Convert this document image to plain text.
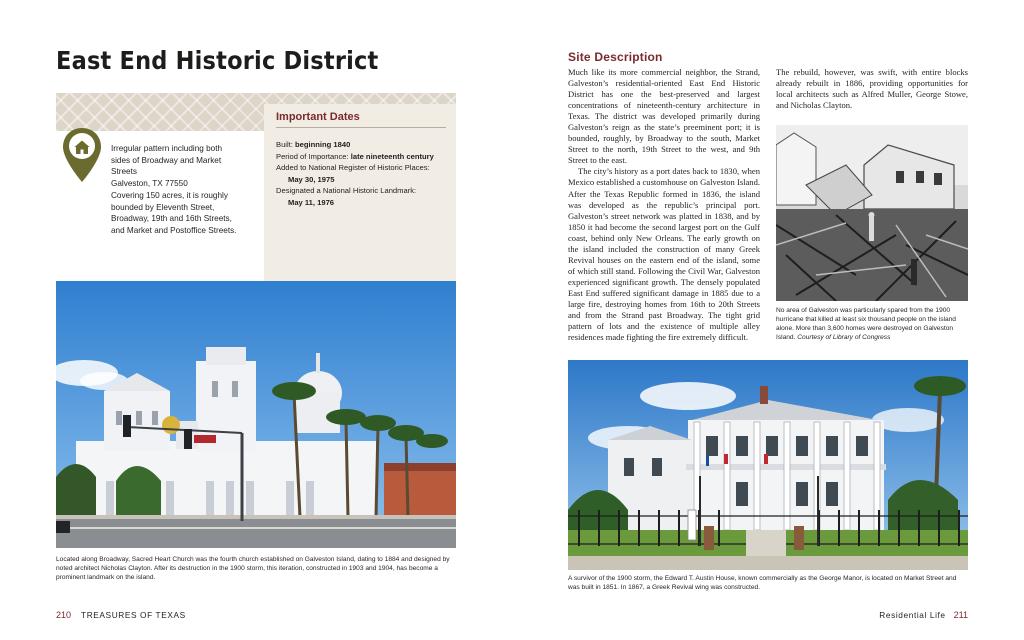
East End Historic District
Irregular pattern including both
sides of Broadway and Market
Streets
Galveston, TX 77550
Covering 150 acres, it is roughly
bounded by Eleventh Street,
Broadway, 19th and 16th Streets,
and Market and Postoffice Streets.
Important Dates
Built: beginning 1840
Period of Importance: late nineteenth century
Added to National Register of Historic Places:
May 30, 1975
Designated a National Historic Landmark:
May 11, 1976
Located along Broadway, Sacred Heart Church was the fourth church established on Galveston Island, dating to 1884 and designed by noted architect Nicholas Clayton. After its destruction in the 1900 storm, this iteration, constructed in 1903 and 1904, has become a prominent landmark on the island.
210 TREASURES OF TEXAS
Site Description

Much like its more commercial neighbor, the Strand, Galveston’s residential-oriented East End Historic District has one the best-preserved and largest concentrations of nineteenth-century architecture in Texas. The district was developed primarily during Galveston’s reign as the state’s preeminent port; it is bounded, roughly, by Broadway to the south, Market Street to the north, 19th Street to the west, and 9th Street to the east.

The city’s history as a port dates back to 1830, when Mexico established a customhouse on Galveston Island. After the Texas Republic formed in 1836, the island was developed as the republic’s principal port. Galveston’s street network was platted in 1838, and by 1850 it had become the second largest port on the Gulf coast, behind only New Orleans. The early growth on the island included the construction of many Greek Revival houses on the eastern end of the island, some of which still stand. Following the Civil War, Galveston experienced significant growth. The densely populated East End suffered significant damage in 1885 due to a large fire, destroying homes from 16th to 20th Streets and from the Strand past Broadway. The tight grid pattern of lots and the existence of multiple alley residences made fighting the fire extremely difficult.

The rebuild, however, was swift, with entire blocks already rebuilt in 1886, providing opportunities for local architects such as Alfred Muller, George Stowe, and Nicholas Clayton.

No area of Galveston was particularly spared from the 1900 hurricane that killed at least six thousand people on the island alone. More than 3,600 homes were destroyed on Galveston Island. Courtesy of Library of Congress
A survivor of the 1900 storm, the Edward T. Austin House, known commercially as the George Manor, is located on Market Street and was built in 1851. In 1867, a Greek Revival wing was constructed.
Residential Life 211
